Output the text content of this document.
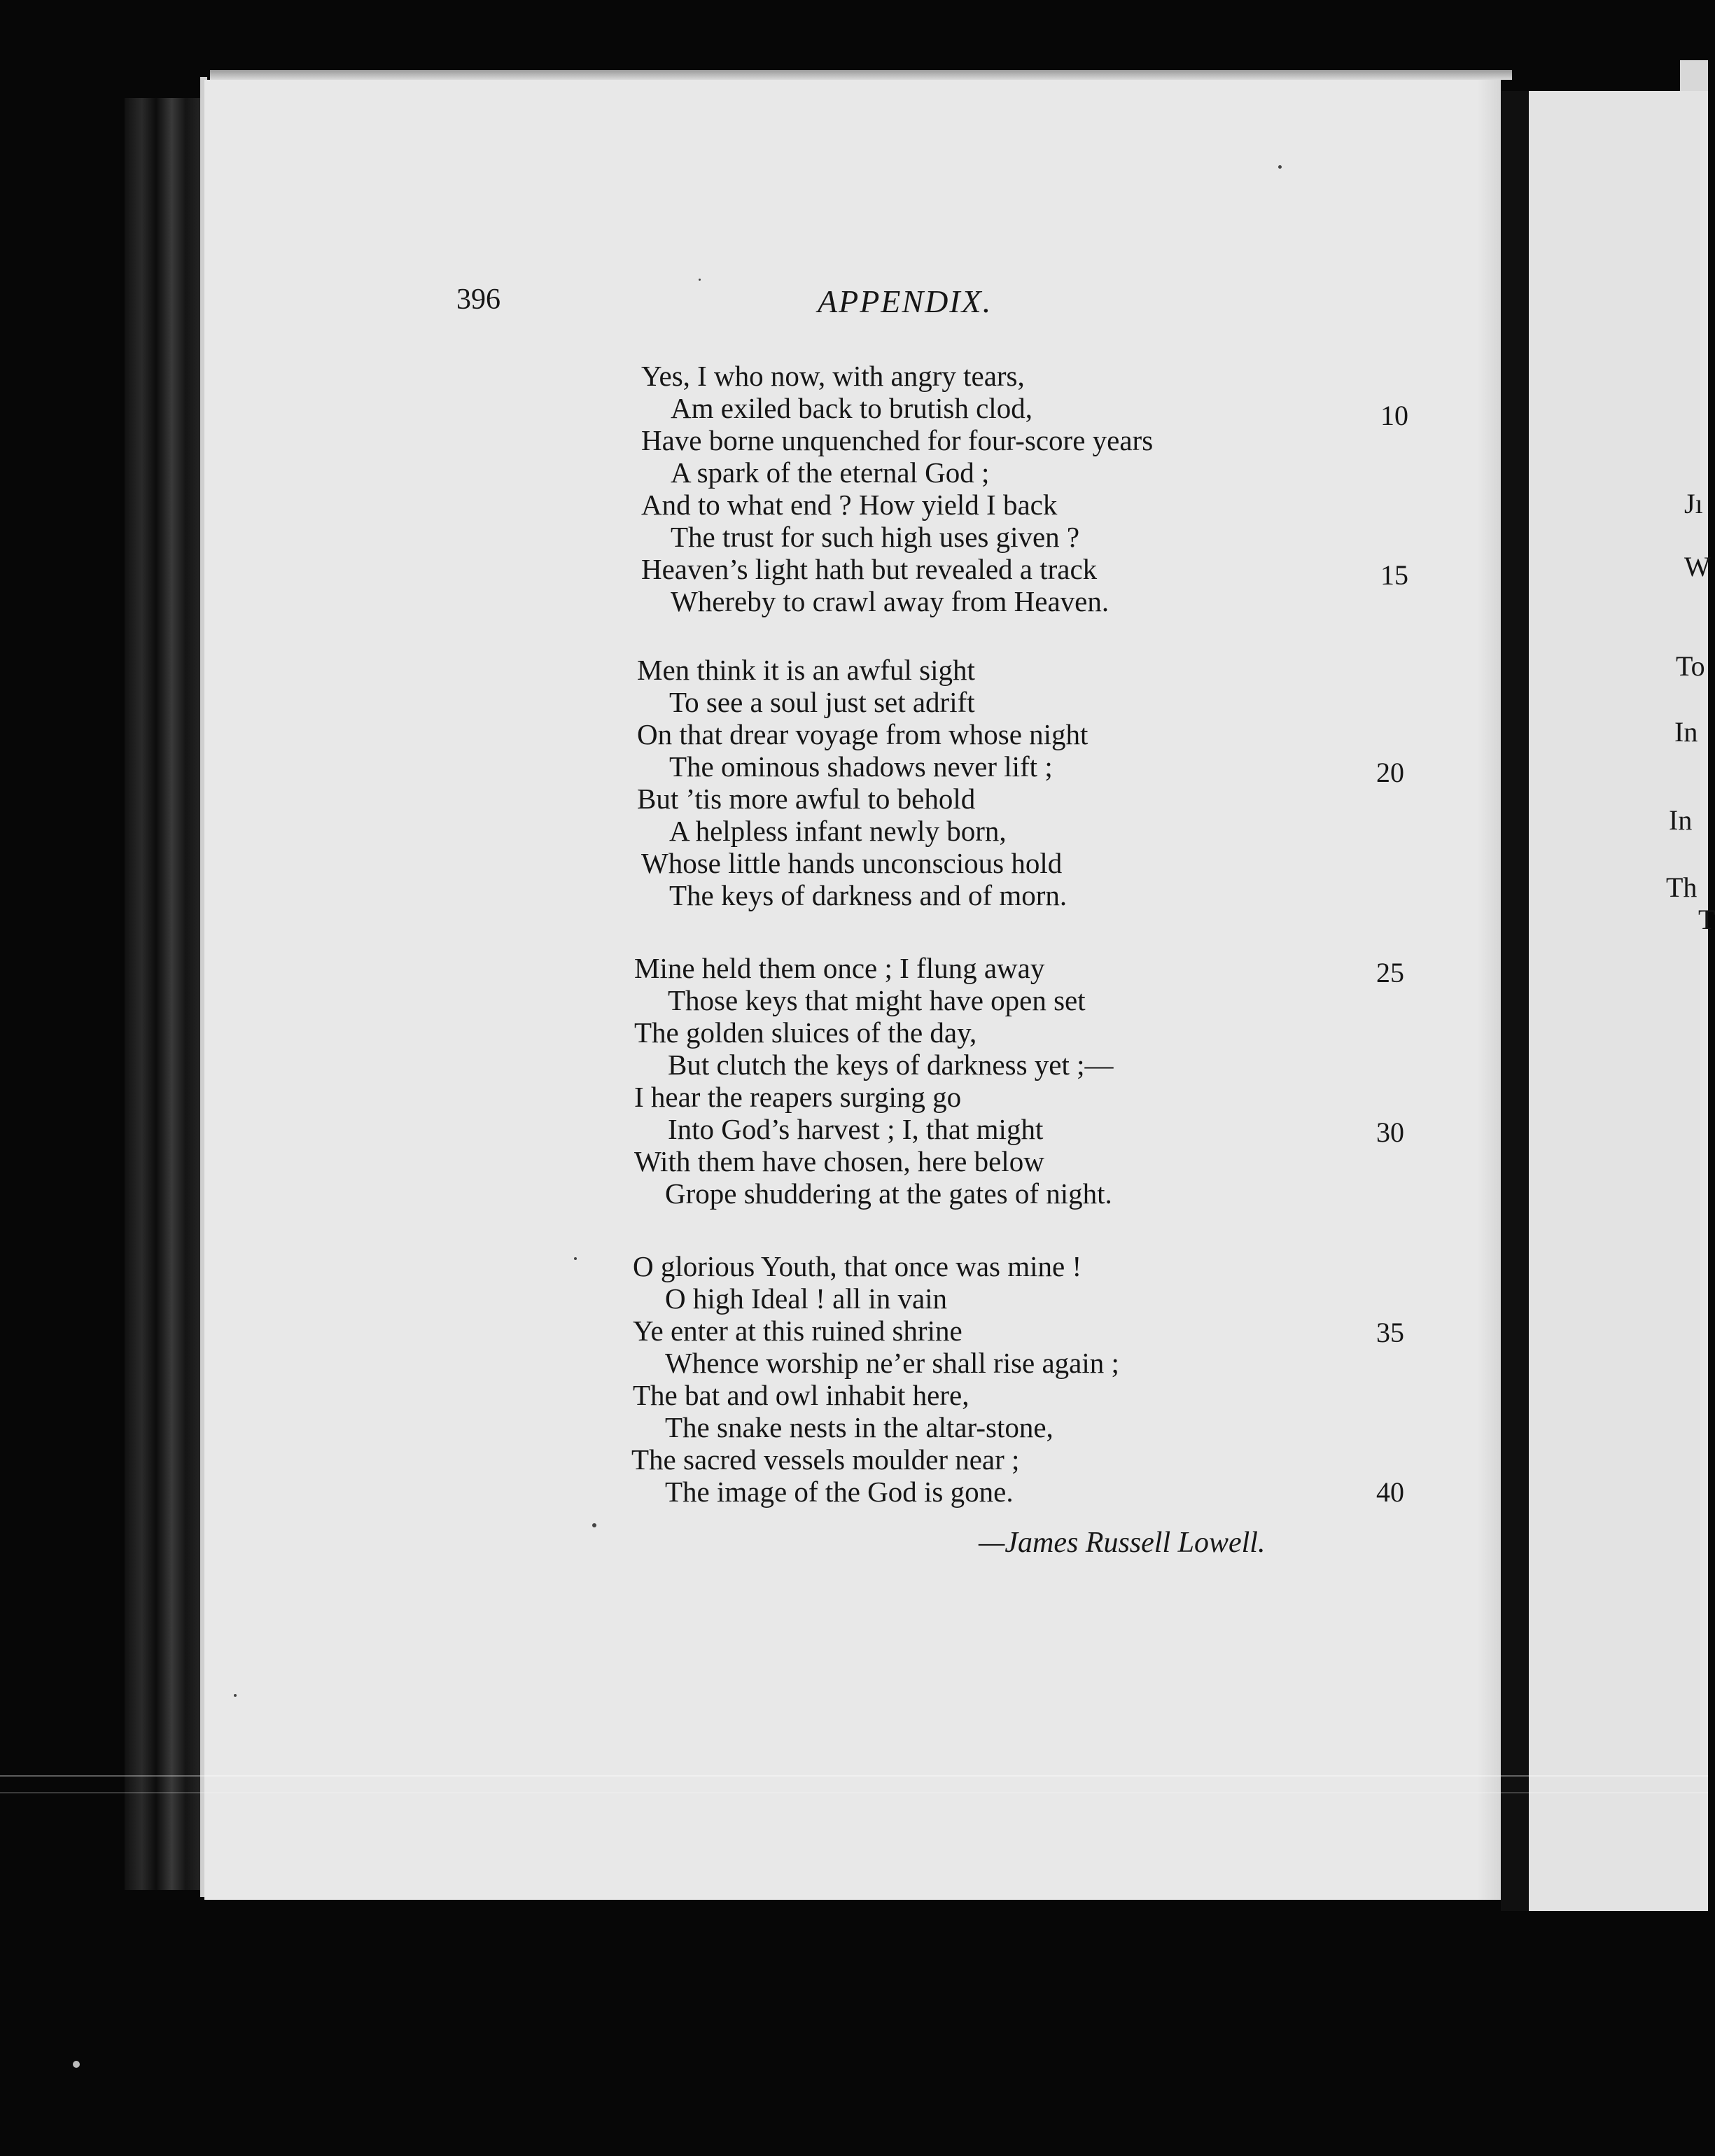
Jı
W
To
In
In
Th
T
396	APPENDIX.
Yes, I who now, with angry tears,
Am exiled back to brutish clod,
Have borne unquenched for four-score years
A spark of the eternal God ;
And to what end ? How yield I back
The trust for such high uses given ?
Heaven’s light hath but revealed a track
Whereby to crawl away from Heaven.
Men think it is an awful sight
To see a soul just set adrift
On that drear voyage from whose night
The ominous shadows never lift ;
But ’tis more awful to behold
A helpless infant newly born,
Whose little hands unconscious hold
The keys of darkness and of morn.
Mine held them once ; I flung away
Those keys that might have open set
The golden sluices of the day,
But clutch the keys of darkness yet ;—
I hear the reapers surging go
Into God’s harvest ; I, that might
With them have chosen, here below
Grope shuddering at the gates of night.
O glorious Youth, that once was mine !
O high Ideal ! all in vain
Ye enter at this ruined shrine
Whence worship ne’er shall rise again ;
The bat and owl inhabit here,
The snake nests in the altar-stone,
The sacred vessels moulder near ;
The image of the God is gone.
10
15
20
25
30
35
40
—James Russell Lowell.
